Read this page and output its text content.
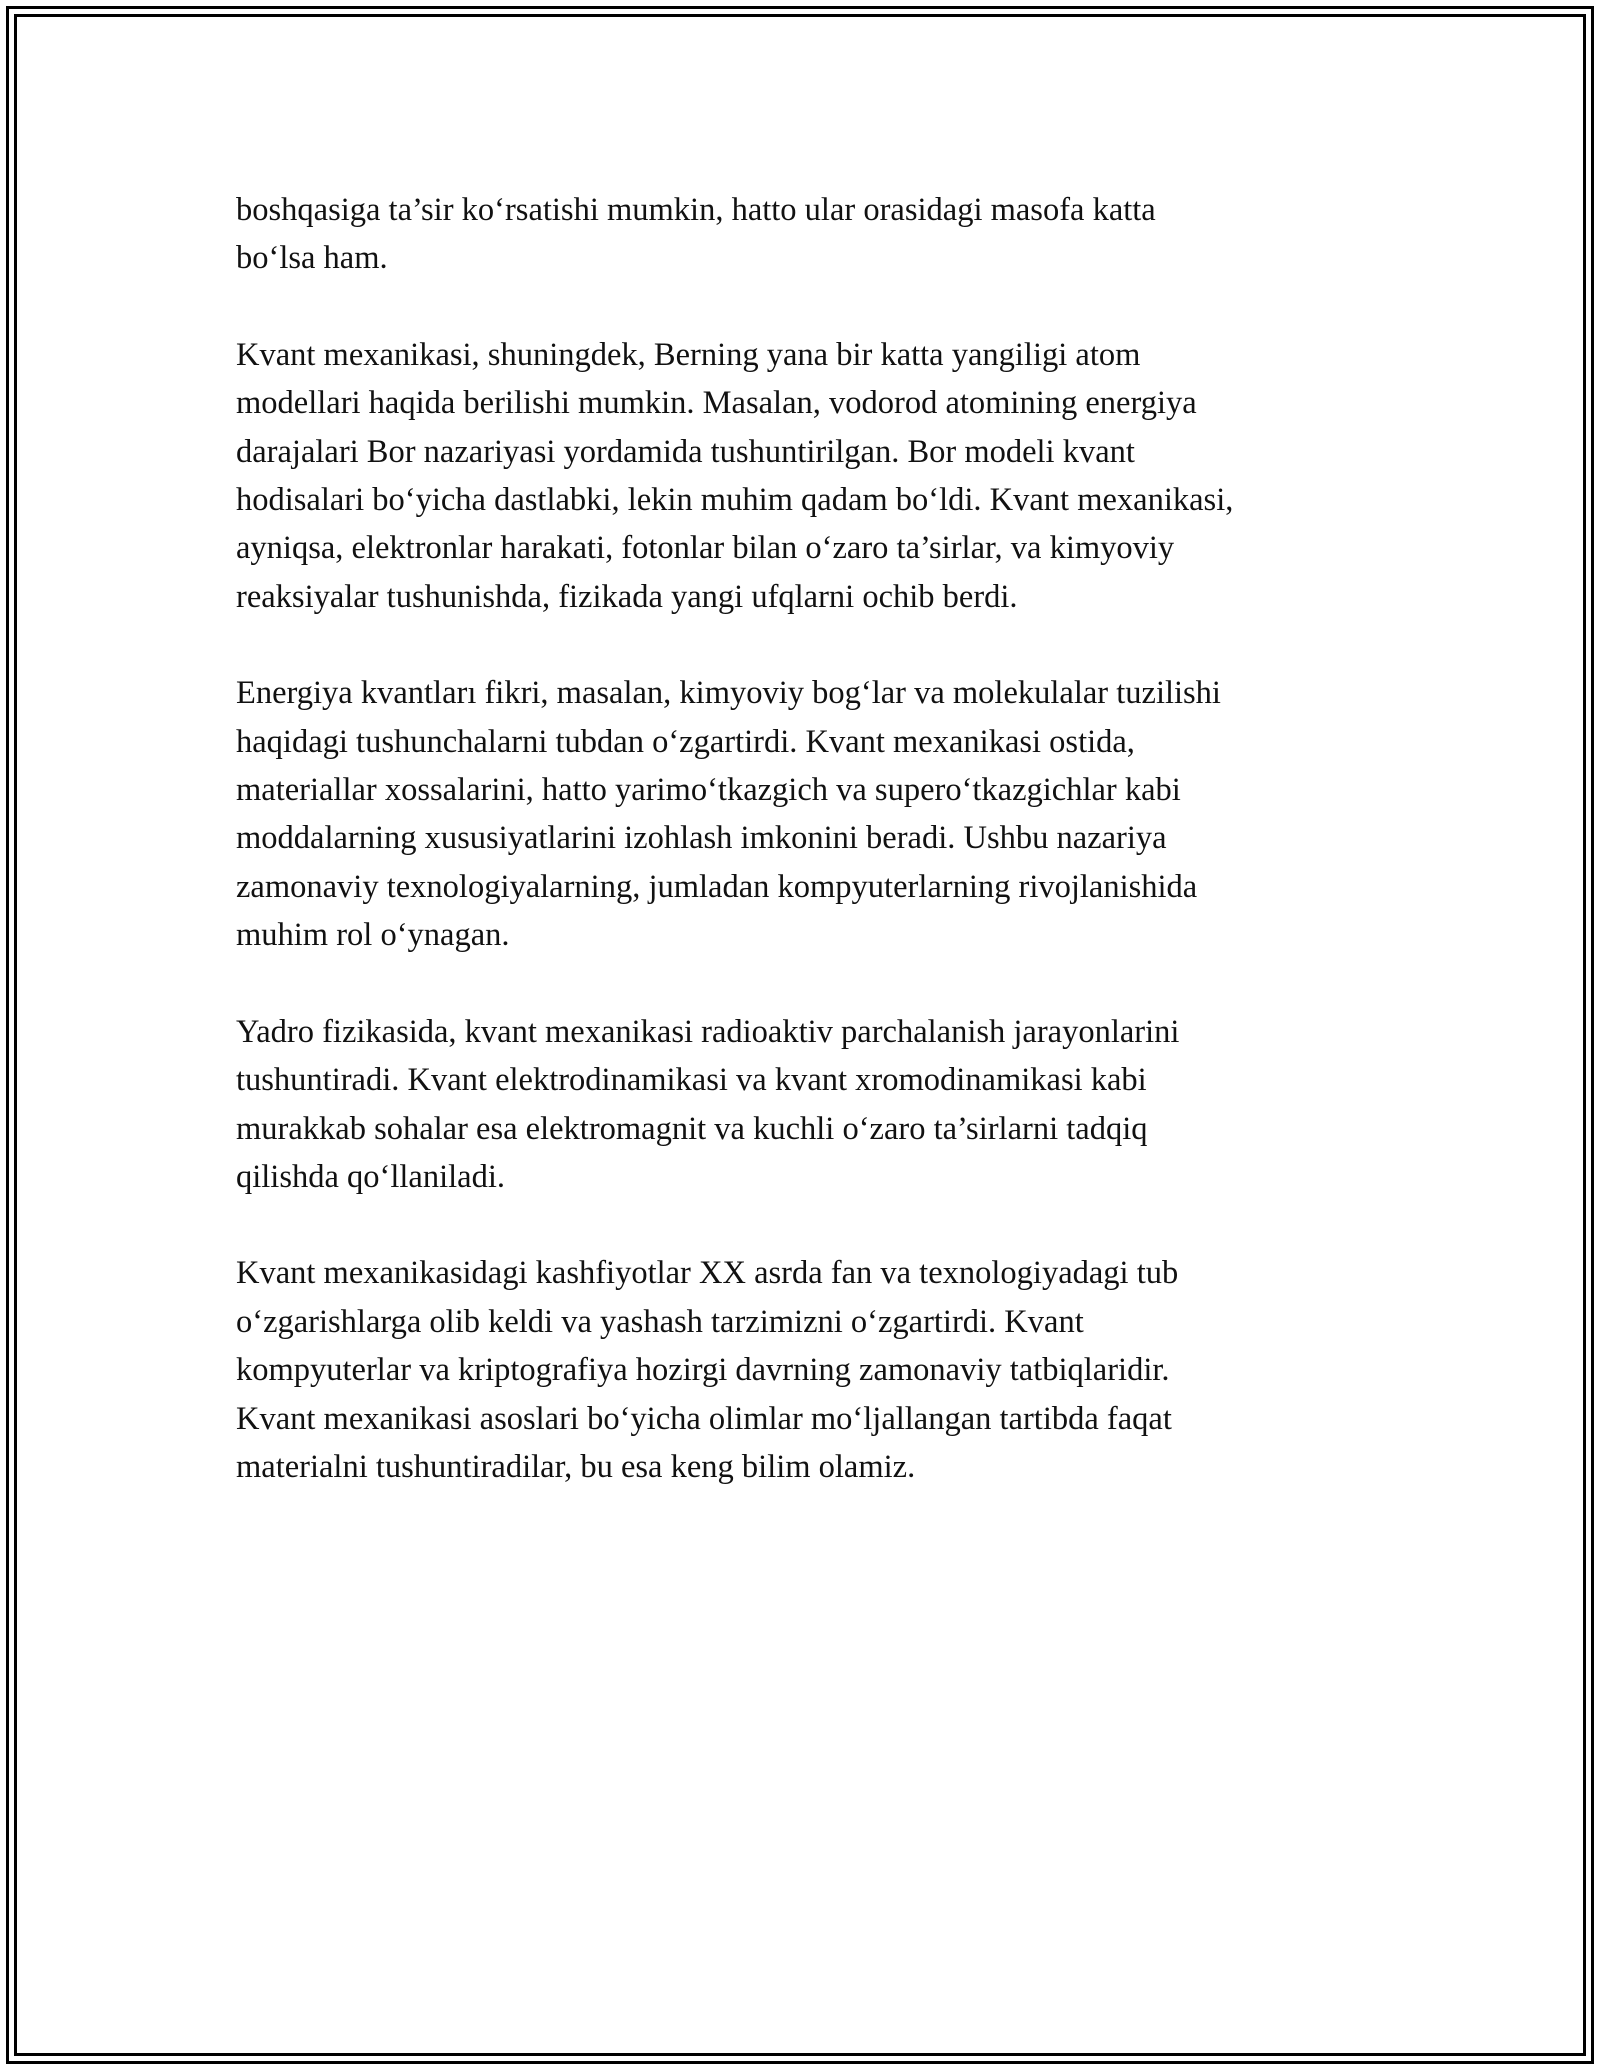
boshqasiga ta’sir ko‘rsatishi mumkin, hatto ular orasidagi masofa katta
bo‘lsa ham.

Kvant mexanikasi, shuningdek, Berning yana bir katta yangiligi atom
modellari haqida berilishi mumkin. Masalan, vodorod atomining energiya
darajalari Bor nazariyasi yordamida tushuntirilgan. Bor modeli kvant
hodisalari bo‘yicha dastlabki, lekin muhim qadam bo‘ldi. Kvant mexanikasi,
ayniqsa, elektronlar harakati, fotonlar bilan o‘zaro ta’sirlar, va kimyoviy
reaksiyalar tushunishda, fizikada yangi ufqlarni ochib berdi.

Energiya kvantları fikri, masalan, kimyoviy bog‘lar va molekulalar tuzilishi
haqidagi tushunchalarni tubdan o‘zgartirdi. Kvant mexanikasi ostida,
materiallar xossalarini, hatto yarimo‘tkazgich va supero‘tkazgichlar kabi
moddalarning xususiyatlarini izohlash imkonini beradi. Ushbu nazariya
zamonaviy texnologiyalarning, jumladan kompyuterlarning rivojlanishida
muhim rol o‘ynagan.

Yadro fizikasida, kvant mexanikasi radioaktiv parchalanish jarayonlarini
tushuntiradi. Kvant elektrodinamikasi va kvant xromodinamikasi kabi
murakkab sohalar esa elektromagnit va kuchli o‘zaro ta’sirlarni tadqiq
qilishda qo‘llaniladi.

Kvant mexanikasidagi kashfiyotlar XX asrda fan va texnologiyadagi tub
o‘zgarishlarga olib keldi va yashash tarzimizni o‘zgartirdi. Kvant
kompyuterlar va kriptografiya hozirgi davrning zamonaviy tatbiqlaridir.
Kvant mexanikasi asoslari bo‘yicha olimlar mo‘ljallangan tartibda faqat
materialni tushuntiradilar, bu esa keng bilim olamiz.
